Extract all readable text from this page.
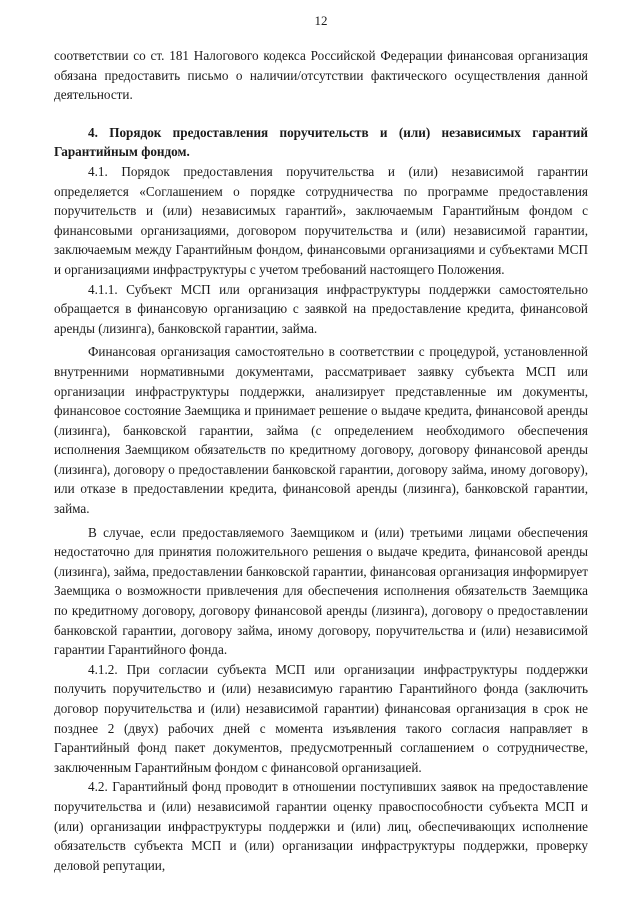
12

соответствии со ст. 181 Налогового кодекса Российской Федерации финансовая организация обязана предоставить письмо о наличии/отсутствии фактического осуществления данной деятельности.

4. Порядок предоставления поручительств и (или) независимых гарантий Гарантийным фондом.

4.1. Порядок предоставления поручительства и (или) независимой гарантии определяется «Соглашением о порядке сотрудничества по программе предоставления поручительств и (или) независимых гарантий», заключаемым Гарантийным фондом с финансовыми организациями, договором поручительства и (или) независимой гарантии, заключаемым между Гарантийным фондом, финансовыми организациями и субъектами МСП и организациями инфраструктуры с учетом требований настоящего Положения.

4.1.1. Субъект МСП или организация инфраструктуры поддержки самостоятельно обращается в финансовую организацию с заявкой на предоставление кредита, финансовой аренды (лизинга), банковской гарантии, займа.

Финансовая организация самостоятельно в соответствии с процедурой, установленной внутренними нормативными документами, рассматривает заявку субъекта МСП или организации инфраструктуры поддержки, анализирует представленные им документы, финансовое состояние Заемщика и принимает решение о выдаче кредита, финансовой аренды (лизинга), банковской гарантии, займа (с определением необходимого обеспечения исполнения Заемщиком обязательств по кредитному договору, договору финансовой аренды (лизинга), договору о предоставлении банковской гарантии, договору займа, иному договору), или отказе в предоставлении кредита, финансовой аренды (лизинга), банковской гарантии, займа.

В случае, если предоставляемого Заемщиком и (или) третьими лицами обеспечения недостаточно для принятия положительного решения о выдаче кредита, финансовой аренды (лизинга), займа, предоставлении банковской гарантии, финансовая организация информирует Заемщика о возможности привлечения для обеспечения исполнения обязательств Заемщика по кредитному договору, договору финансовой аренды (лизинга), договору о предоставлении банковской гарантии, договору займа, иному договору, поручительства и (или) независимой гарантии Гарантийного фонда.

4.1.2. При согласии субъекта МСП или организации инфраструктуры поддержки получить поручительство и (или) независимую гарантию Гарантийного фонда (заключить договор поручительства и (или) независимой гарантии) финансовая организация в срок не позднее 2 (двух) рабочих дней с момента изъявления такого согласия направляет в Гарантийный фонд пакет документов, предусмотренный соглашением о сотрудничестве, заключенным Гарантийным фондом с финансовой организацией.

4.2. Гарантийный фонд проводит в отношении поступивших заявок на предоставление поручительства и (или) независимой гарантии оценку правоспособности субъекта МСП и (или) организации инфраструктуры поддержки и (или) лиц, обеспечивающих исполнение обязательств субъекта МСП и (или) организации инфраструктуры поддержки, проверку деловой репутации,
